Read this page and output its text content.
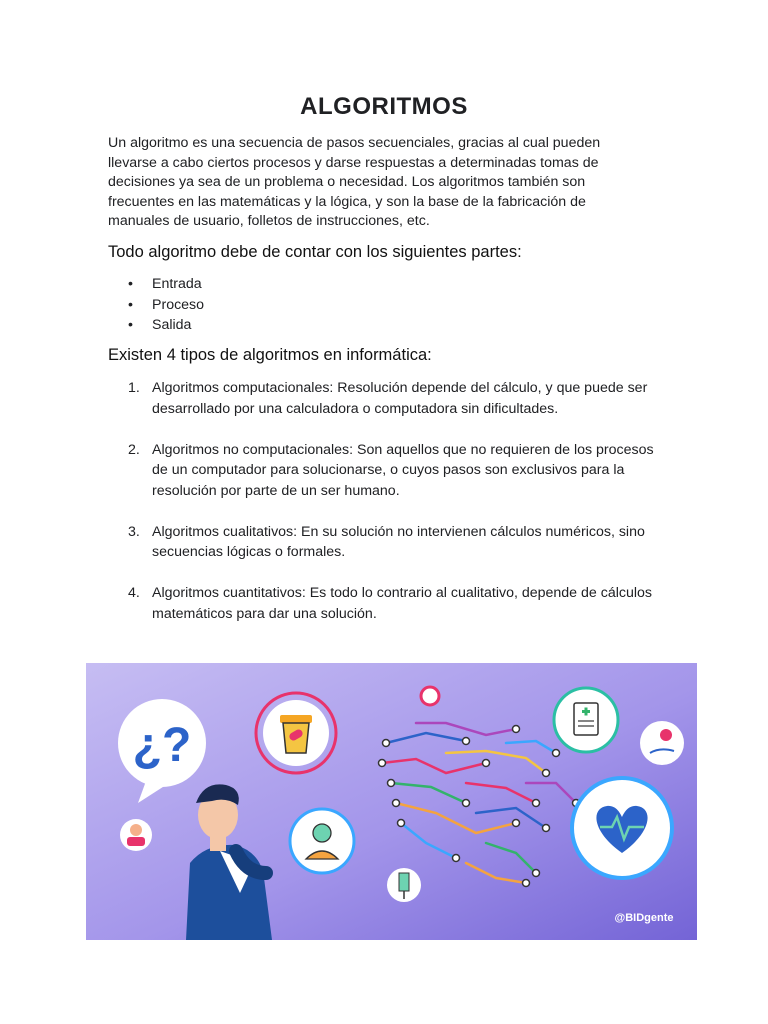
ALGORITMOS

Un algoritmo es una secuencia de pasos secuenciales, gracias al cual pueden llevarse a cabo ciertos procesos y darse respuestas a determinadas tomas de decisiones ya sea de un problema o necesidad. Los algoritmos también son frecuentes en las matemáticas y la lógica, y son la base de la fabricación de manuales de usuario, folletos de instrucciones, etc.

Todo algoritmo debe de contar con los siguientes partes:
• Entrada
• Proceso
• Salida
Existen 4 tipos de algoritmos en informática:
1. Algoritmos computacionales: Resolución depende del cálculo, y que puede ser desarrollado por una calculadora o computadora sin dificultades.
2. Algoritmos no computacionales: Son aquellos que no requieren de los procesos de un computador para solucionarse, o cuyos pasos son exclusivos para la resolución por parte de un ser humano.
3. Algoritmos cualitativos: En su solución no intervienen cálculos numéricos, sino secuencias lógicas o formales.
4. Algoritmos cuantitativos: Es todo lo contrario al cualitativo, depende de cálculos matemáticos para dar una solución.
¿?
@BIDgente
